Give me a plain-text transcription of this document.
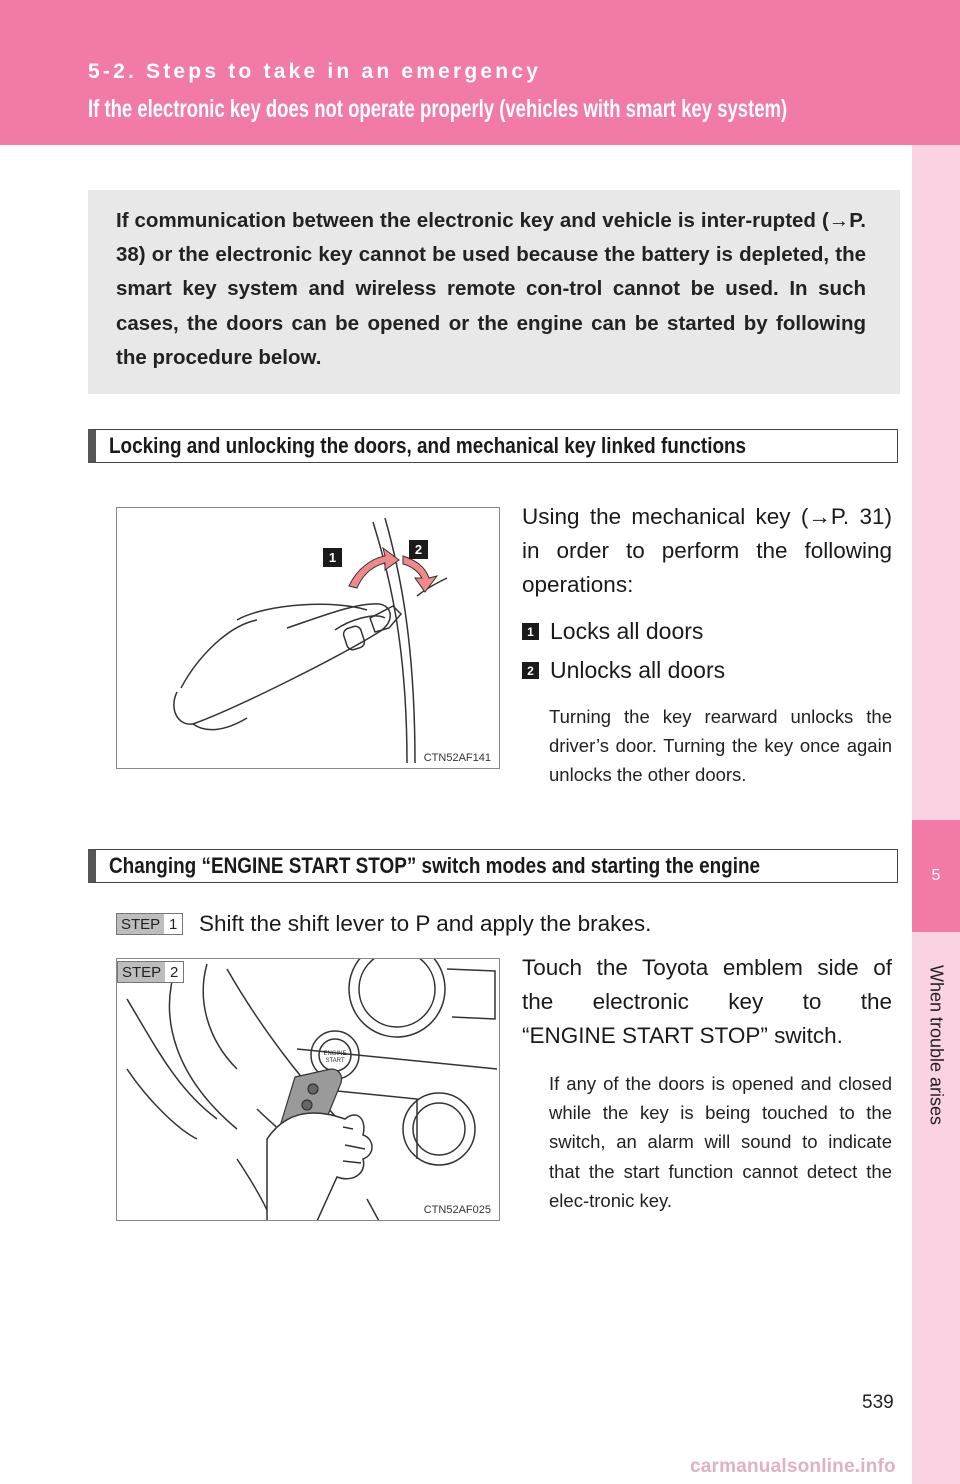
5-2. Steps to take in an emergency
If the electronic key does not operate properly (vehicles with smart key system)
5
When trouble arises

If communication between the electronic key and vehicle is inter-rupted (→P. 38) or the electronic key cannot be used because the battery is depleted, the smart key system and wireless remote con-trol cannot be used. In such cases, the doors can be opened or the engine can be started by following the procedure below.

Locking and unlocking the doors, and mechanical key linked functions
1
2
CTN52AF141

Using the mechanical key (→P. 31)

in order to perform the following

operations:

1 Locks all doors
2 Unlocks all doors
Turning the key rearward unlocks the driver’s door. Turning the key once again unlocks the other doors.
Changing “ENGINE START STOP” switch modes and starting the engine
STEP 1 Shift the shift lever to P and apply the brakes.
ENGINE
START
STEP 2
CTN52AF025

Touch the Toyota emblem side of

the electronic key to the

“ENGINE START STOP” switch.

If any of the doors is opened and closed while the key is being touched to the switch, an alarm will sound to indicate that the start function cannot detect the elec-tronic key.
539
carmanualsonline.info
